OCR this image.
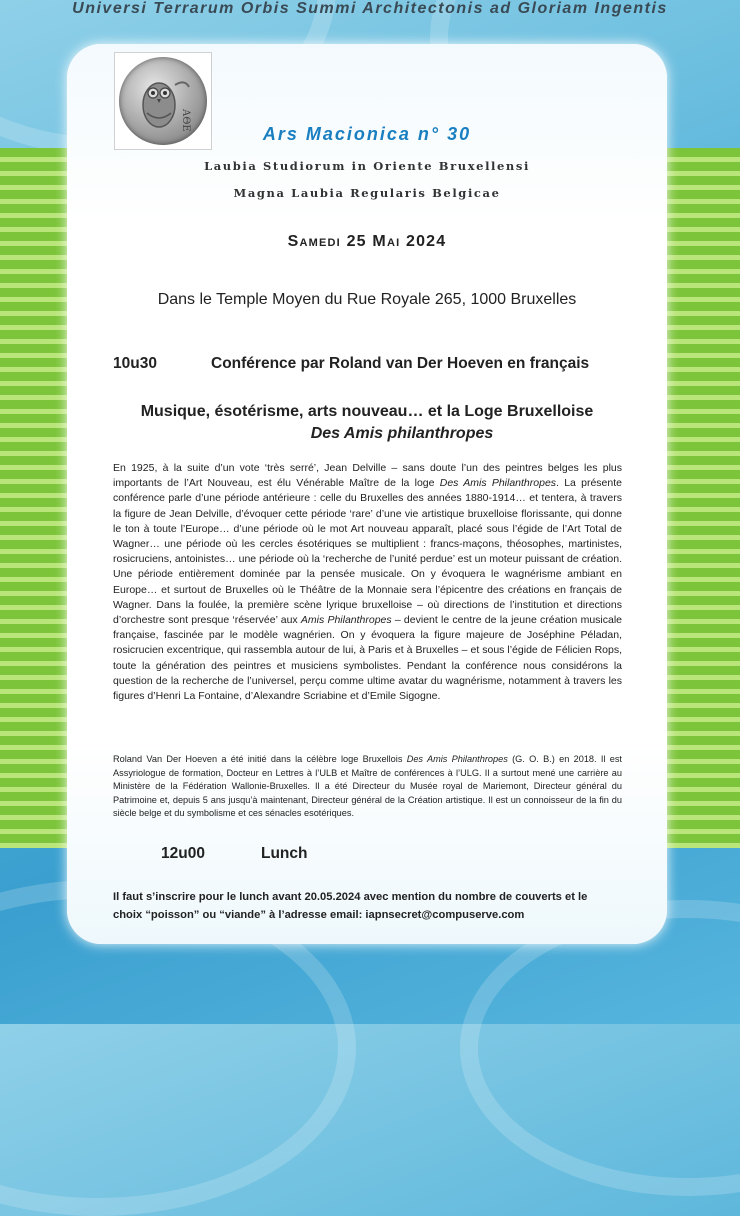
Universi Terrarum Orbis Summi Architectonis ad Gloriam Ingentis
AΘE
Ars Macionica n° 30
Laubia Studiorum in Oriente Bruxellensi
Magna Laubia Regularis Belgicae
Samedi 25 Mai 2024
Dans le Temple Moyen du Rue Royale 265, 1000 Bruxelles
10u30	Conférence par Roland van Der Hoeven en français
Musique, ésotérisme, arts nouveau… et la Loge Bruxelloise
Des Amis philanthropes
En 1925, à la suite d’un vote ‘très serré’, Jean Delville – sans doute l’un des peintres belges les plus importants de l’Art Nouveau, est élu Vénérable Maître de la loge Des Amis Philanthropes. La présente conférence parle d’une période antérieure : celle du Bruxelles des années 1880-1914… et tentera, à travers la figure de Jean Delville, d’évoquer cette période ‘rare’ d’une vie artistique bruxelloise florissante, qui donne le ton à toute l’Europe… d’une période où le mot Art nouveau apparaît, placé sous l’égide de l’Art Total de Wagner… une période où les cercles ésotériques se multiplient : francs-maçons, théosophes, martinistes, rosicruciens, antoinistes… une période où la ‘recherche de l’unité perdue’ est un moteur puissant de création. Une période entièrement dominée par la pensée musicale. On y évoquera le wagnérisme ambiant en Europe… et surtout de Bruxelles où le Théâtre de la Monnaie sera l’épicentre des créations en français de Wagner. Dans la foulée, la première scène lyrique bruxelloise – où directions de l’institution et directions d’orchestre sont presque ‘réservée’ aux Amis Philanthropes – devient le centre de la jeune création musicale française, fascinée par le modèle wagnérien. On y évoquera la figure majeure de Joséphine Péladan, rosicrucien excentrique, qui rassembla autour de lui, à Paris et à Bruxelles – et sous l’égide de Félicien Rops, toute la génération des peintres et musiciens symbolistes. Pendant la conférence nous considérons la question de la recherche de l’universel, perçu comme ultime avatar du wagnérisme, notamment à travers les figures d’Henri La Fontaine, d’Alexandre Scriabine et d’Emile Sigogne.
Roland Van Der Hoeven a été initié dans la célèbre loge Bruxellois Des Amis Philanthropes (G. O. B.) en 2018. Il est Assyriologue de formation, Docteur en Lettres à l’ULB et Maître de conférences à l’ULG. Il a surtout mené une carrière au Ministère de la Fédération Wallonie-Bruxelles. Il a été Directeur du Musée royal de Mariemont, Directeur général du Patrimoine et, depuis 5 ans jusqu’à maintenant, Directeur général de la Création artistique. Il est un connoisseur de la fin du siècle belge et du symbolisme et ces sénacles esotériques.
12u00	Lunch
Il faut s’inscrire pour le lunch avant 20.05.2024 avec mention du nombre de couverts et le
choix “poisson” ou “viande” à l’adresse email: iapnsecret@compuserve.com
